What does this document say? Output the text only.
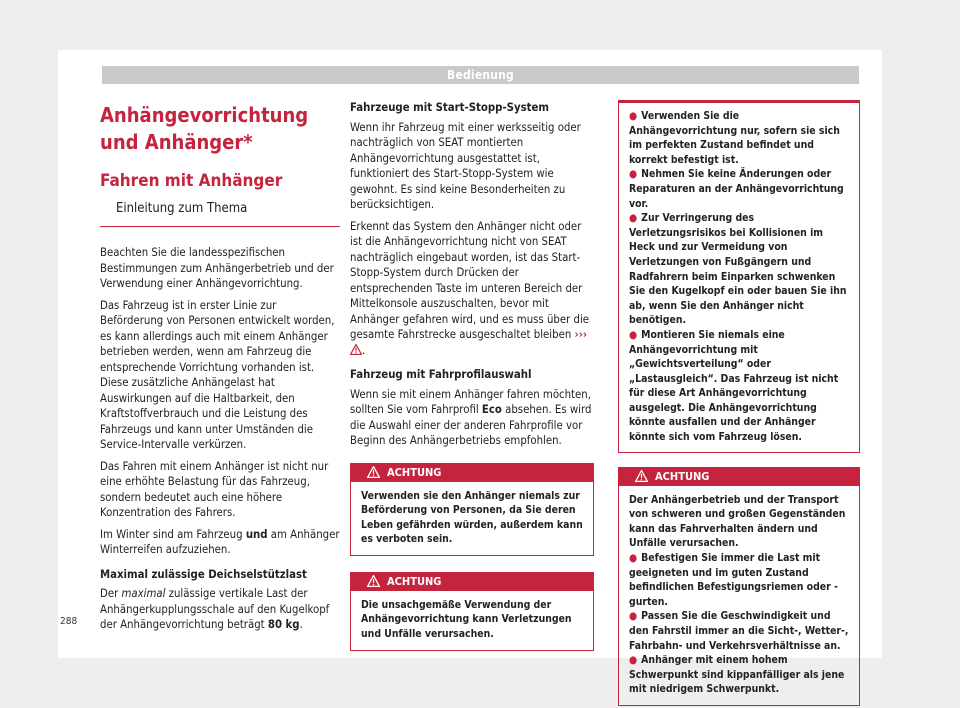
Bedienung
Anhängevorrichtung und Anhänger*
Fahren mit Anhänger
Einleitung zum Thema

Beachten Sie die landesspezifischen Bestimmungen zum Anhängerbetrieb und der Verwendung einer Anhängevorrichtung.

Das Fahrzeug ist in erster Linie zur Beförderung von Personen entwickelt worden, es kann allerdings auch mit einem Anhänger betrieben werden, wenn am Fahrzeug die entsprechende Vorrichtung vorhanden ist. Diese zusätzliche Anhängelast hat Auswirkungen auf die Haltbarkeit, den Kraftstoffverbrauch und die Leistung des Fahrzeugs und kann unter Umständen die Service-Intervalle verkürzen.

Das Fahren mit einem Anhänger ist nicht nur eine erhöhte Belastung für das Fahrzeug, sondern bedeutet auch eine höhere Konzentration des Fahrers.

Im Winter sind am Fahrzeug und am Anhänger Winterreifen aufzuziehen.

Maximal zulässige Deichselstützlast

Der maximal zulässige vertikale Last der Anhängerkupplungsschale auf den Kugelkopf der Anhängevorrichtung beträgt 80 kg.

Fahrzeuge mit Start-Stopp-System

Wenn ihr Fahrzeug mit einer werksseitig oder nachträglich von SEAT montierten Anhängevorrichtung ausgestattet ist, funktioniert des Start-Stopp-System wie gewohnt. Es sind keine Besonderheiten zu berücksichtigen.

Erkennt das System den Anhänger nicht oder ist die Anhängevorrichtung nicht von SEAT nachträglich eingebaut worden, ist das Start-Stopp-System durch Drücken der entsprechenden Taste im unteren Bereich der Mittelkonsole auszuschalten, bevor mit Anhänger gefahren wird, und es muss über die gesamte Fahrstrecke ausgeschaltet bleiben ››› .

Fahrzeug mit Fahrprofilauswahl

Wenn sie mit einem Anhänger fahren möchten, sollten Sie vom Fahrprofil Eco absehen. Es wird die Auswahl einer der anderen Fahrprofile vor Beginn des Anhängerbetriebs empfohlen.

ACHTUNG
Verwenden sie den Anhänger niemals zur Beförderung von Personen, da Sie deren Leben gefährden würden, außerdem kann es verboten sein.
ACHTUNG
Die unsachgemäße Verwendung der Anhängevorrichtung kann Verletzungen und Unfälle verursachen.
● Verwenden Sie die Anhängevorrichtung nur, sofern sie sich im perfekten Zustand befindet und korrekt befestigt ist.
● Nehmen Sie keine Änderungen oder Reparaturen an der Anhängevorrichtung vor.
● Zur Verringerung des Verletzungsrisikos bei Kollisionen im Heck und zur Vermeidung von Verletzungen von Fußgängern und Radfahrern beim Einparken schwenken Sie den Kugelkopf ein oder bauen Sie ihn ab, wenn Sie den Anhänger nicht benötigen.
● Montieren Sie niemals eine Anhängevorrichtung mit „Gewichtsverteilung“ oder „Lastausgleich“. Das Fahrzeug ist nicht für diese Art Anhängevorrichtung ausgelegt. Die Anhängevorrichtung könnte ausfallen und der Anhänger könnte sich vom Fahrzeug lösen.
ACHTUNG
Der Anhängerbetrieb und der Transport von schweren und großen Gegenständen kann das Fahrverhalten ändern und Unfälle verursachen.
● Befestigen Sie immer die Last mit geeigneten und im guten Zustand befindlichen Befestigungsriemen oder -gurten.
● Passen Sie die Geschwindigkeit und den Fahrstil immer an die Sicht-, Wetter-, Fahrbahn- und Verkehrsverhältnisse an.
● Anhänger mit einem hohem Schwerpunkt sind kippanfälliger als jene mit niedrigem Schwerpunkt.
288
